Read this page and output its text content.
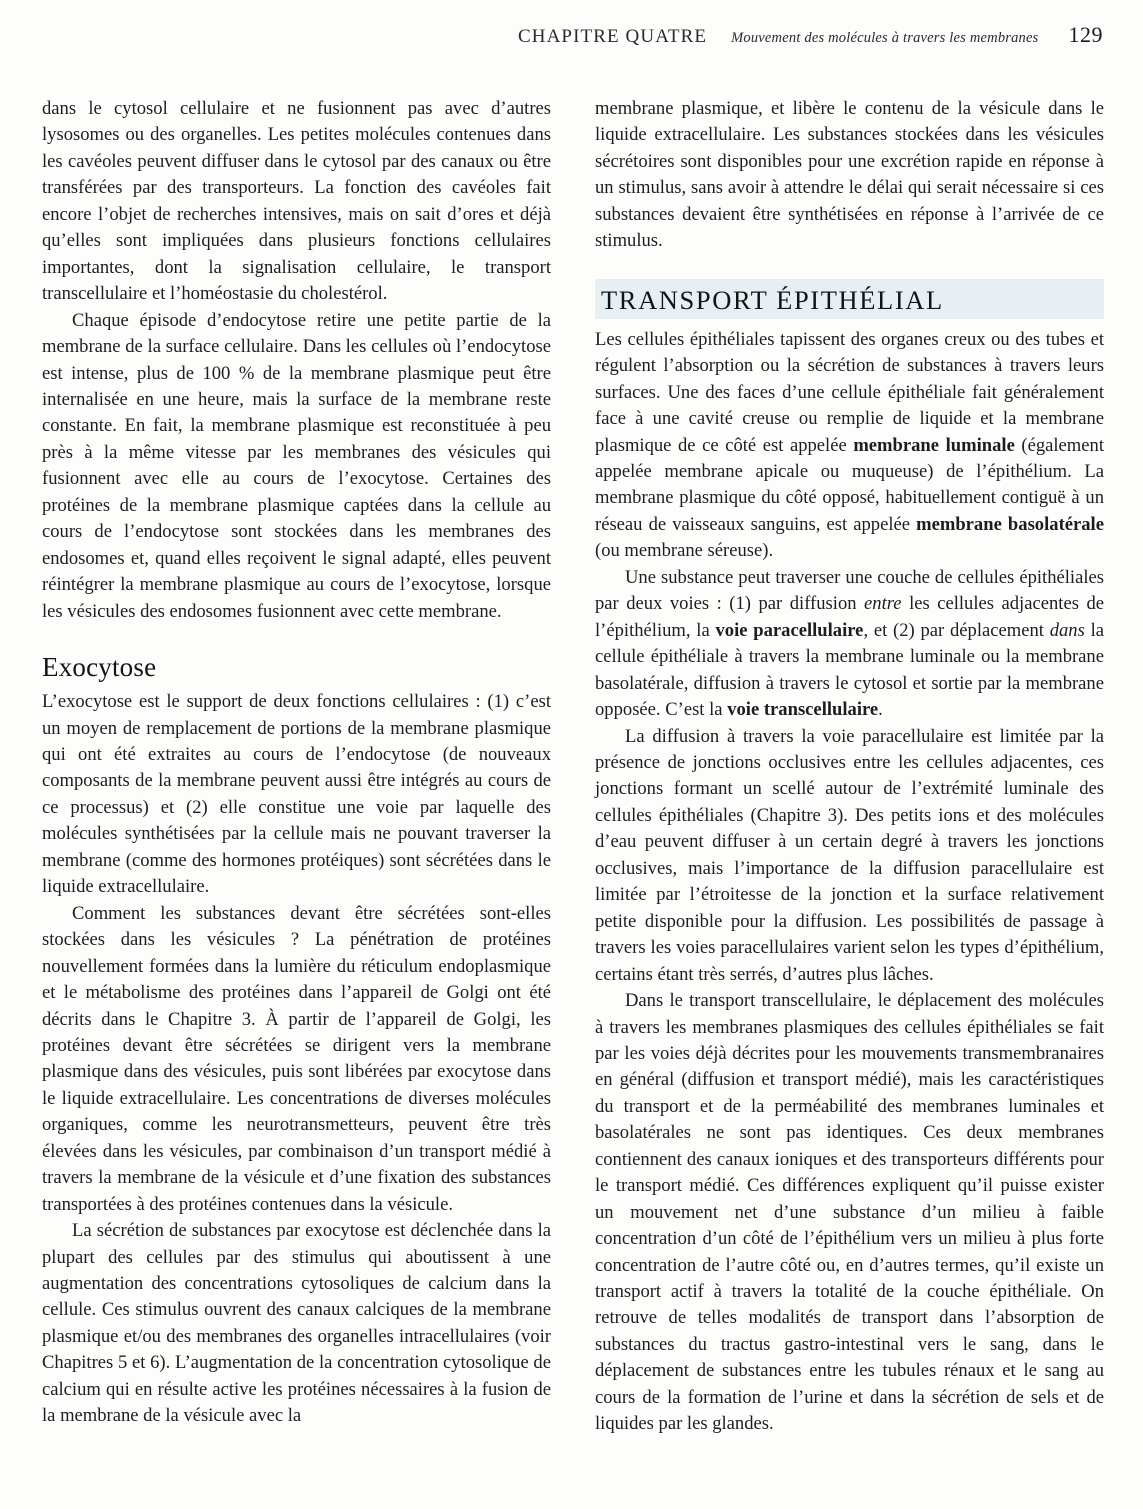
CHAPITRE QUATRE Mouvement des molécules à travers les membranes 129

dans le cytosol cellulaire et ne fusionnent pas avec d’autres lysosomes ou des organelles. Les petites molécules contenues dans les cavéoles peuvent diffuser dans le cytosol par des canaux ou être transférées par des transporteurs. La fonction des cavéoles fait encore l’objet de recherches intensives, mais on sait d’ores et déjà qu’elles sont impliquées dans plusieurs fonctions cellulaires importantes, dont la signalisation cellulaire, le transport transcellulaire et l’homéostasie du cholestérol.

Chaque épisode d’endocytose retire une petite partie de la membrane de la surface cellulaire. Dans les cellules où l’endocytose est intense, plus de 100 % de la membrane plasmique peut être internalisée en une heure, mais la surface de la membrane reste constante. En fait, la membrane plasmique est reconstituée à peu près à la même vitesse par les membranes des vésicules qui fusionnent avec elle au cours de l’exocytose. Certaines des protéines de la membrane plasmique captées dans la cellule au cours de l’endocytose sont stockées dans les membranes des endosomes et, quand elles reçoivent le signal adapté, elles peuvent réintégrer la membrane plasmique au cours de l’exocytose, lorsque les vésicules des endosomes fusionnent avec cette membrane.

Exocytose

L’exocytose est le support de deux fonctions cellulaires : (1) c’est un moyen de remplacement de portions de la membrane plasmique qui ont été extraites au cours de l’endocytose (de nouveaux composants de la membrane peuvent aussi être intégrés au cours de ce processus) et (2) elle constitue une voie par laquelle des molécules synthétisées par la cellule mais ne pouvant traverser la membrane (comme des hormones protéiques) sont sécrétées dans le liquide extracellulaire.

Comment les substances devant être sécrétées sont-elles stockées dans les vésicules ? La pénétration de protéines nouvellement formées dans la lumière du réticulum endoplasmique et le métabolisme des protéines dans l’appareil de Golgi ont été décrits dans le Chapitre 3. À partir de l’appareil de Golgi, les protéines devant être sécrétées se dirigent vers la membrane plasmique dans des vésicules, puis sont libérées par exocytose dans le liquide extracellulaire. Les concentrations de diverses molécules organiques, comme les neurotransmetteurs, peuvent être très élevées dans les vésicules, par combinaison d’un transport médié à travers la membrane de la vésicule et d’une fixation des substances transportées à des protéines contenues dans la vésicule.

La sécrétion de substances par exocytose est déclenchée dans la plupart des cellules par des stimulus qui aboutissent à une augmentation des concentrations cytosoliques de calcium dans la cellule. Ces stimulus ouvrent des canaux calciques de la membrane plasmique et/ou des membranes des organelles intracellulaires (voir Chapitres 5 et 6). L’augmentation de la concentration cytosolique de calcium qui en résulte active les protéines nécessaires à la fusion de la membrane de la vésicule avec la

membrane plasmique, et libère le contenu de la vésicule dans le liquide extracellulaire. Les substances stockées dans les vésicules sécrétoires sont disponibles pour une excrétion rapide en réponse à un stimulus, sans avoir à attendre le délai qui serait nécessaire si ces substances devaient être synthétisées en réponse à l’arrivée de ce stimulus.

TRANSPORT ÉPITHÉLIAL

Les cellules épithéliales tapissent des organes creux ou des tubes et régulent l’absorption ou la sécrétion de substances à travers leurs surfaces. Une des faces d’une cellule épithéliale fait généralement face à une cavité creuse ou remplie de liquide et la membrane plasmique de ce côté est appelée membrane luminale (également appelée membrane apicale ou muqueuse) de l’épithélium. La membrane plasmique du côté opposé, habituellement contiguë à un réseau de vaisseaux sanguins, est appelée membrane basolatérale (ou membrane séreuse).

Une substance peut traverser une couche de cellules épithéliales par deux voies : (1) par diffusion entre les cellules adjacentes de l’épithélium, la voie paracellulaire, et (2) par déplacement dans la cellule épithéliale à travers la membrane luminale ou la membrane basolatérale, diffusion à travers le cytosol et sortie par la membrane opposée. C’est la voie transcellulaire.

La diffusion à travers la voie paracellulaire est limitée par la présence de jonctions occlusives entre les cellules adjacentes, ces jonctions formant un scellé autour de l’extrémité luminale des cellules épithéliales (Chapitre 3). Des petits ions et des molécules d’eau peuvent diffuser à un certain degré à travers les jonctions occlusives, mais l’importance de la diffusion paracellulaire est limitée par l’étroitesse de la jonction et la surface relativement petite disponible pour la diffusion. Les possibilités de passage à travers les voies paracellulaires varient selon les types d’épithélium, certains étant très serrés, d’autres plus lâches.

Dans le transport transcellulaire, le déplacement des molécules à travers les membranes plasmiques des cellules épithéliales se fait par les voies déjà décrites pour les mouvements transmembranaires en général (diffusion et transport médié), mais les caractéristiques du transport et de la perméabilité des membranes luminales et basolatérales ne sont pas identiques. Ces deux membranes contiennent des canaux ioniques et des transporteurs différents pour le transport médié. Ces différences expliquent qu’il puisse exister un mouvement net d’une substance d’un milieu à faible concentration d’un côté de l’épithélium vers un milieu à plus forte concentration de l’autre côté ou, en d’autres termes, qu’il existe un transport actif à travers la totalité de la couche épithéliale. On retrouve de telles modalités de transport dans l’absorption de substances du tractus gastro-intestinal vers le sang, dans le déplacement de substances entre les tubules rénaux et le sang au cours de la formation de l’urine et dans la sécrétion de sels et de liquides par les glandes.
